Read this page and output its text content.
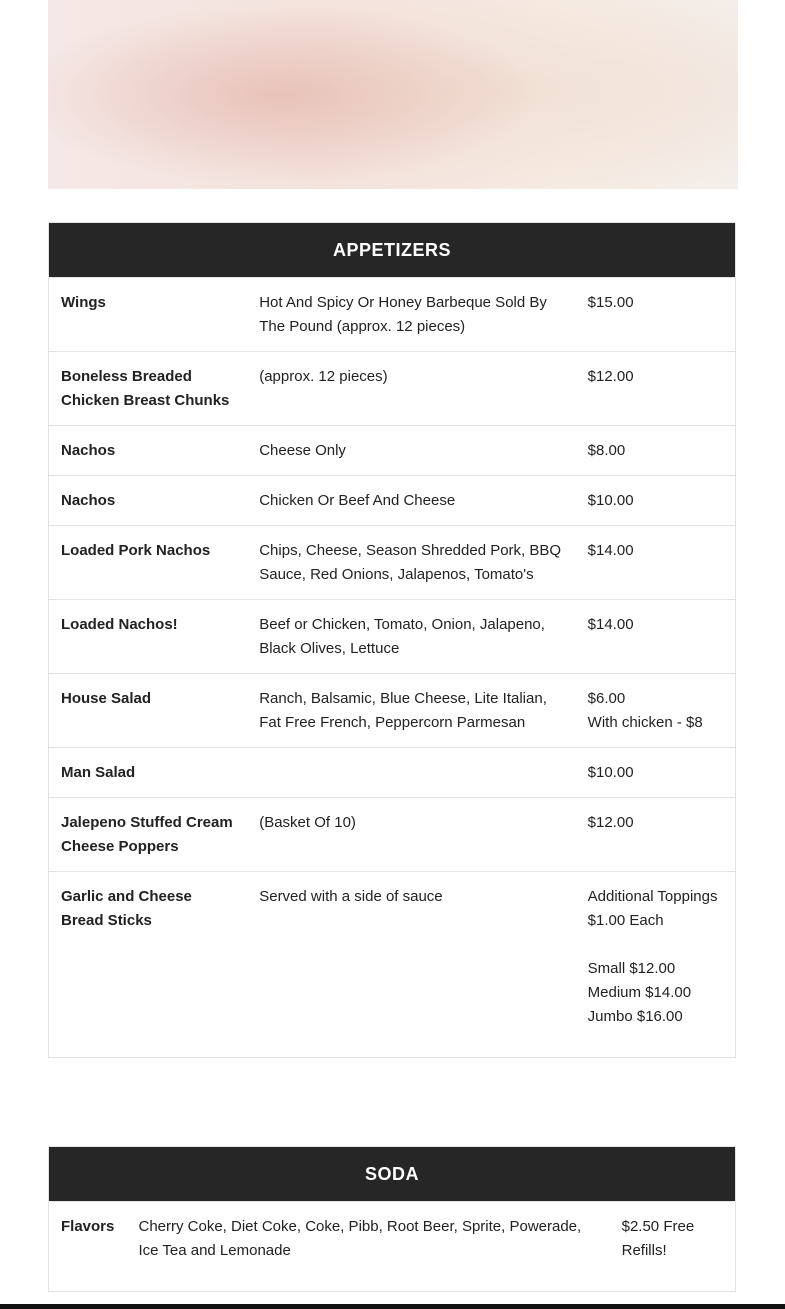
APPETIZERS		
Wings	Hot And Spicy Or Honey Barbeque Sold By The Pound (approx. 12 pieces)	$15.00
Boneless Breaded Chicken Breast Chunks	(approx. 12 pieces)	$12.00
Nachos	Cheese Only	$8.00
Nachos	Chicken Or Beef And Cheese	$10.00
Loaded Pork Nachos	Chips, Cheese, Season Shredded Pork, BBQ Sauce, Red Onions, Jalapenos, Tomato's	$14.00
Loaded Nachos!	Beef or Chicken, Tomato, Onion, Jalapeno, Black Olives, Lettuce	$14.00
House Salad	Ranch, Balsamic, Blue Cheese, Lite Italian, Fat Free French, Peppercorn Parmesan	$6.00
With chicken - $8
Man Salad		$10.00
Jalepeno Stuffed Cream Cheese Poppers	(Basket Of 10)	$12.00
Garlic and Cheese Bread Sticks	Served with a side of sauce	Additional Toppings $1.00 Each

Small $12.00
Medium $14.00
Jumbo $16.00
SODA
Flavors	Cherry Coke, Diet Coke, Coke, Pibb, Root Beer, Sprite, Powerade, Ice Tea and Lemonade	$2.50 Free Refills!
